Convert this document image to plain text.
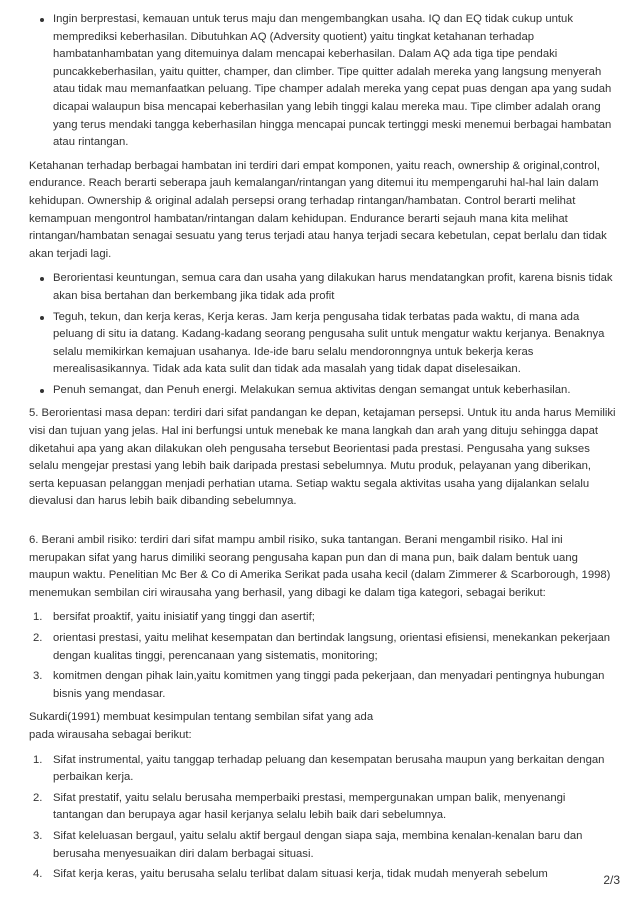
Ingin berprestasi, kemauan untuk terus maju dan mengembangkan usaha. IQ dan EQ tidak cukup untuk memprediksi keberhasilan. Dibutuhkan AQ (Adversity quotient) yaitu tingkat ketahanan terhadap hambatanhambatan yang ditemuinya dalam mencapai keberhasilan. Dalam AQ ada tiga tipe pendaki puncakkeberhasilan, yaitu quitter, champer, dan climber. Tipe quitter adalah mereka yang langsung menyerah atau tidak mau memanfaatkan peluang. Tipe champer adalah mereka yang cepat puas dengan apa yang sudah dicapai walaupun bisa mencapai keberhasilan yang lebih tinggi kalau mereka mau. Tipe climber adalah orang yang terus mendaki tangga keberhasilan hingga mencapai puncak tertinggi meski menemui berbagai hambatan atau rintangan.

Ketahanan terhadap berbagai hambatan ini terdiri dari empat komponen, yaitu reach, ownership & original,control, endurance. Reach berarti seberapa jauh kemalangan/rintangan yang ditemui itu mempengaruhi hal-hal lain dalam kehidupan. Ownership & original adalah persepsi orang terhadap rintangan/hambatan. Control berarti melihat kemampuan mengontrol hambatan/rintangan dalam kehidupan. Endurance berarti sejauh mana kita melihat rintangan/hambatan senagai sesuatu yang terus terjadi atau hanya terjadi secara kebetulan, cepat berlalu dan tidak akan terjadi lagi.

Berorientasi keuntungan, semua cara dan usaha yang dilakukan harus mendatangkan profit, karena bisnis tidak akan bisa bertahan dan berkembang jika tidak ada profit
Teguh, tekun, dan kerja keras, Kerja keras. Jam kerja pengusaha tidak terbatas pada waktu, di mana ada peluang di situ ia datang. Kadang-kadang seorang pengusaha sulit untuk mengatur waktu kerjanya. Benaknya selalu memikirkan kemajuan usahanya. Ide-ide baru selalu mendoronngnya untuk bekerja keras merealisasikannya. Tidak ada kata sulit dan tidak ada masalah yang tidak dapat diselesaikan.
Penuh semangat, dan Penuh energi. Melakukan semua aktivitas dengan semangat untuk keberhasilan.

5. Berorientasi masa depan: terdiri dari sifat pandangan ke depan, ketajaman persepsi. Untuk itu anda harus Memiliki visi dan tujuan yang jelas. Hal ini berfungsi untuk menebak ke mana langkah dan arah yang dituju sehingga dapat diketahui apa yang akan dilakukan oleh pengusaha tersebut Beorientasi pada prestasi. Pengusaha yang sukses selalu mengejar prestasi yang lebih baik daripada prestasi sebelumnya. Mutu produk, pelayanan yang diberikan, serta kepuasan pelanggan menjadi perhatian utama. Setiap waktu segala aktivitas usaha yang dijalankan selalu dievalusi dan harus lebih baik dibanding sebelumnya.

6. Berani ambil risiko: terdiri dari sifat mampu ambil risiko, suka tantangan. Berani mengambil risiko. Hal ini merupakan sifat yang harus dimiliki seorang pengusaha kapan pun dan di mana pun, baik dalam bentuk uang maupun waktu. Penelitian Mc Ber & Co di Amerika Serikat pada usaha kecil (dalam Zimmerer & Scarborough, 1998) menemukan sembilan ciri wirausaha yang berhasil, yang dibagi ke dalam tiga kategori, sebagai berikut:

1. bersifat proaktif, yaitu inisiatif yang tinggi dan asertif;
2. orientasi prestasi, yaitu melihat kesempatan dan bertindak langsung, orientasi efisiensi, menekankan pekerjaan dengan kualitas tinggi, perencanaan yang sistematis, monitoring;
3. komitmen dengan pihak lain,yaitu komitmen yang tinggi pada pekerjaan, dan menyadari pentingnya hubungan bisnis yang mendasar.

Sukardi(1991) membuat kesimpulan tentang sembilan sifat yang ada
pada wirausaha sebagai berikut:

1. Sifat instrumental, yaitu tanggap terhadap peluang dan kesempatan berusaha maupun yang berkaitan dengan perbaikan kerja.
2. Sifat prestatif, yaitu selalu berusaha memperbaiki prestasi, mempergunakan umpan balik, menyenangi tantangan dan berupaya agar hasil kerjanya selalu lebih baik dari sebelumnya.
3. Sifat keleluasan bergaul, yaitu selalu aktif bergaul dengan siapa saja, membina kenalan-kenalan baru dan berusaha menyesuaikan diri dalam berbagai situasi.
4. Sifat kerja keras, yaitu berusaha selalu terlibat dalam situasi kerja, tidak mudah menyerah sebelum	2/3
